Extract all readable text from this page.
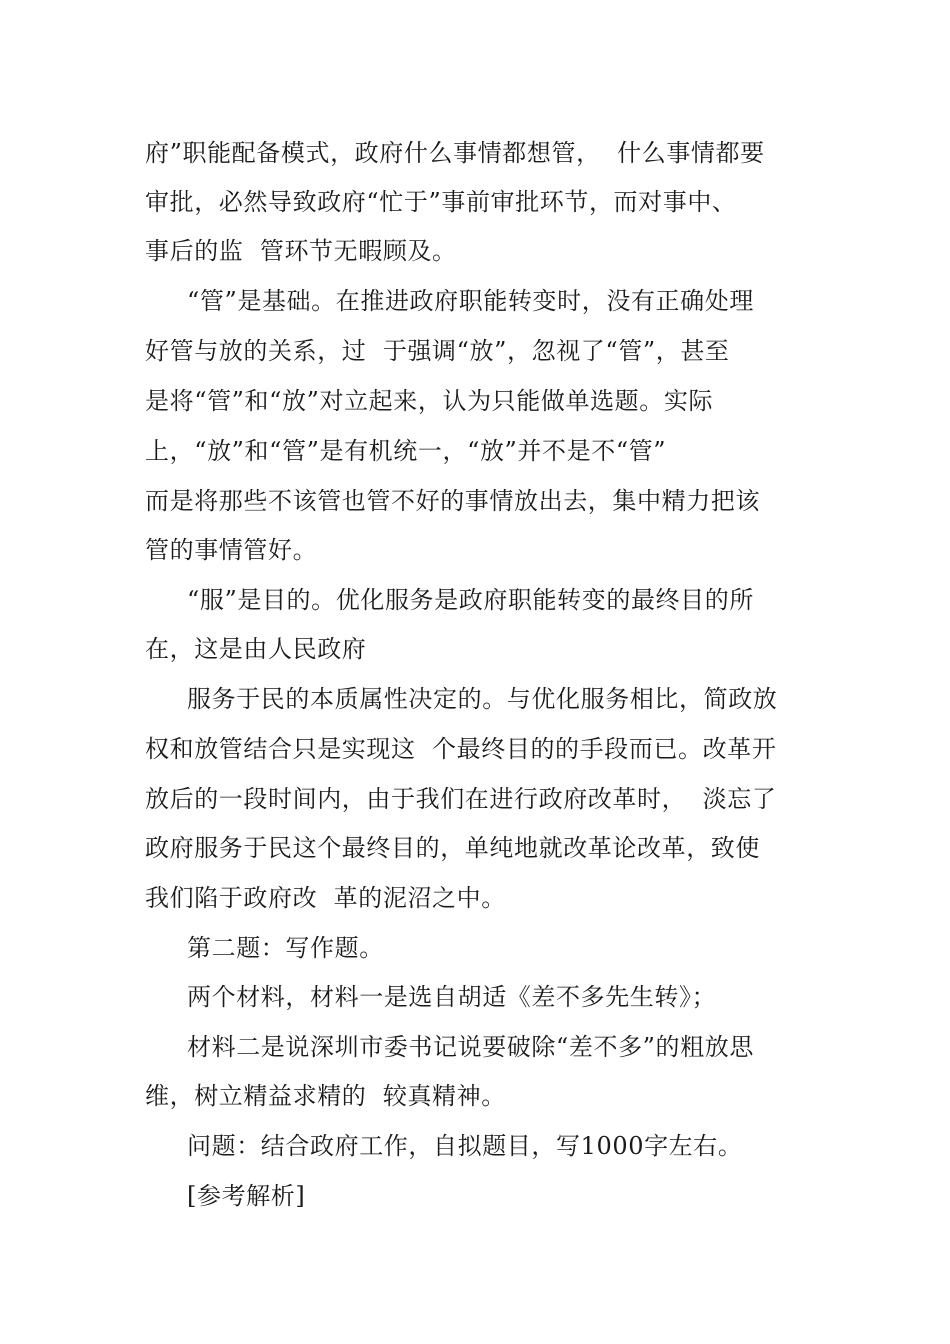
府”职能配备模式，政府什么事情都想管，  什么事情都要
审批，必然导致政府“忙于”事前审批环节，而对事中、
事后的监  管环节无暇顾及。
“管”是基础。在推进政府职能转变时，没有正确处理
好管与放的关系，过  于强调“放”，忽视了“管”，甚至
是将“管”和“放”对立起来，认为只能做单选题。实际
上，“放”和“管”是有机统一，“放”并不是不“管”
而是将那些不该管也管不好的事情放出去，集中精力把该
管的事情管好。
“服”是目的。优化服务是政府职能转变的最终目的所
在，这是由人民政府
服务于民的本质属性决定的。与优化服务相比，简政放
权和放管结合只是实现这  个最终目的的手段而已。改革开
放后的一段时间内，由于我们在进行政府改革时，  淡忘了
政府服务于民这个最终目的，单纯地就改革论改革，致使
我们陷于政府改  革的泥沼之中。
第二题：写作题。
两个材料，材料一是选自胡适《差不多先生转》；
材料二是说深圳市委书记说要破除“差不多”的粗放思
维，树立精益求精的  较真精神。
问题：结合政府工作，自拟题目，写1000字左右。
[参考解析]
